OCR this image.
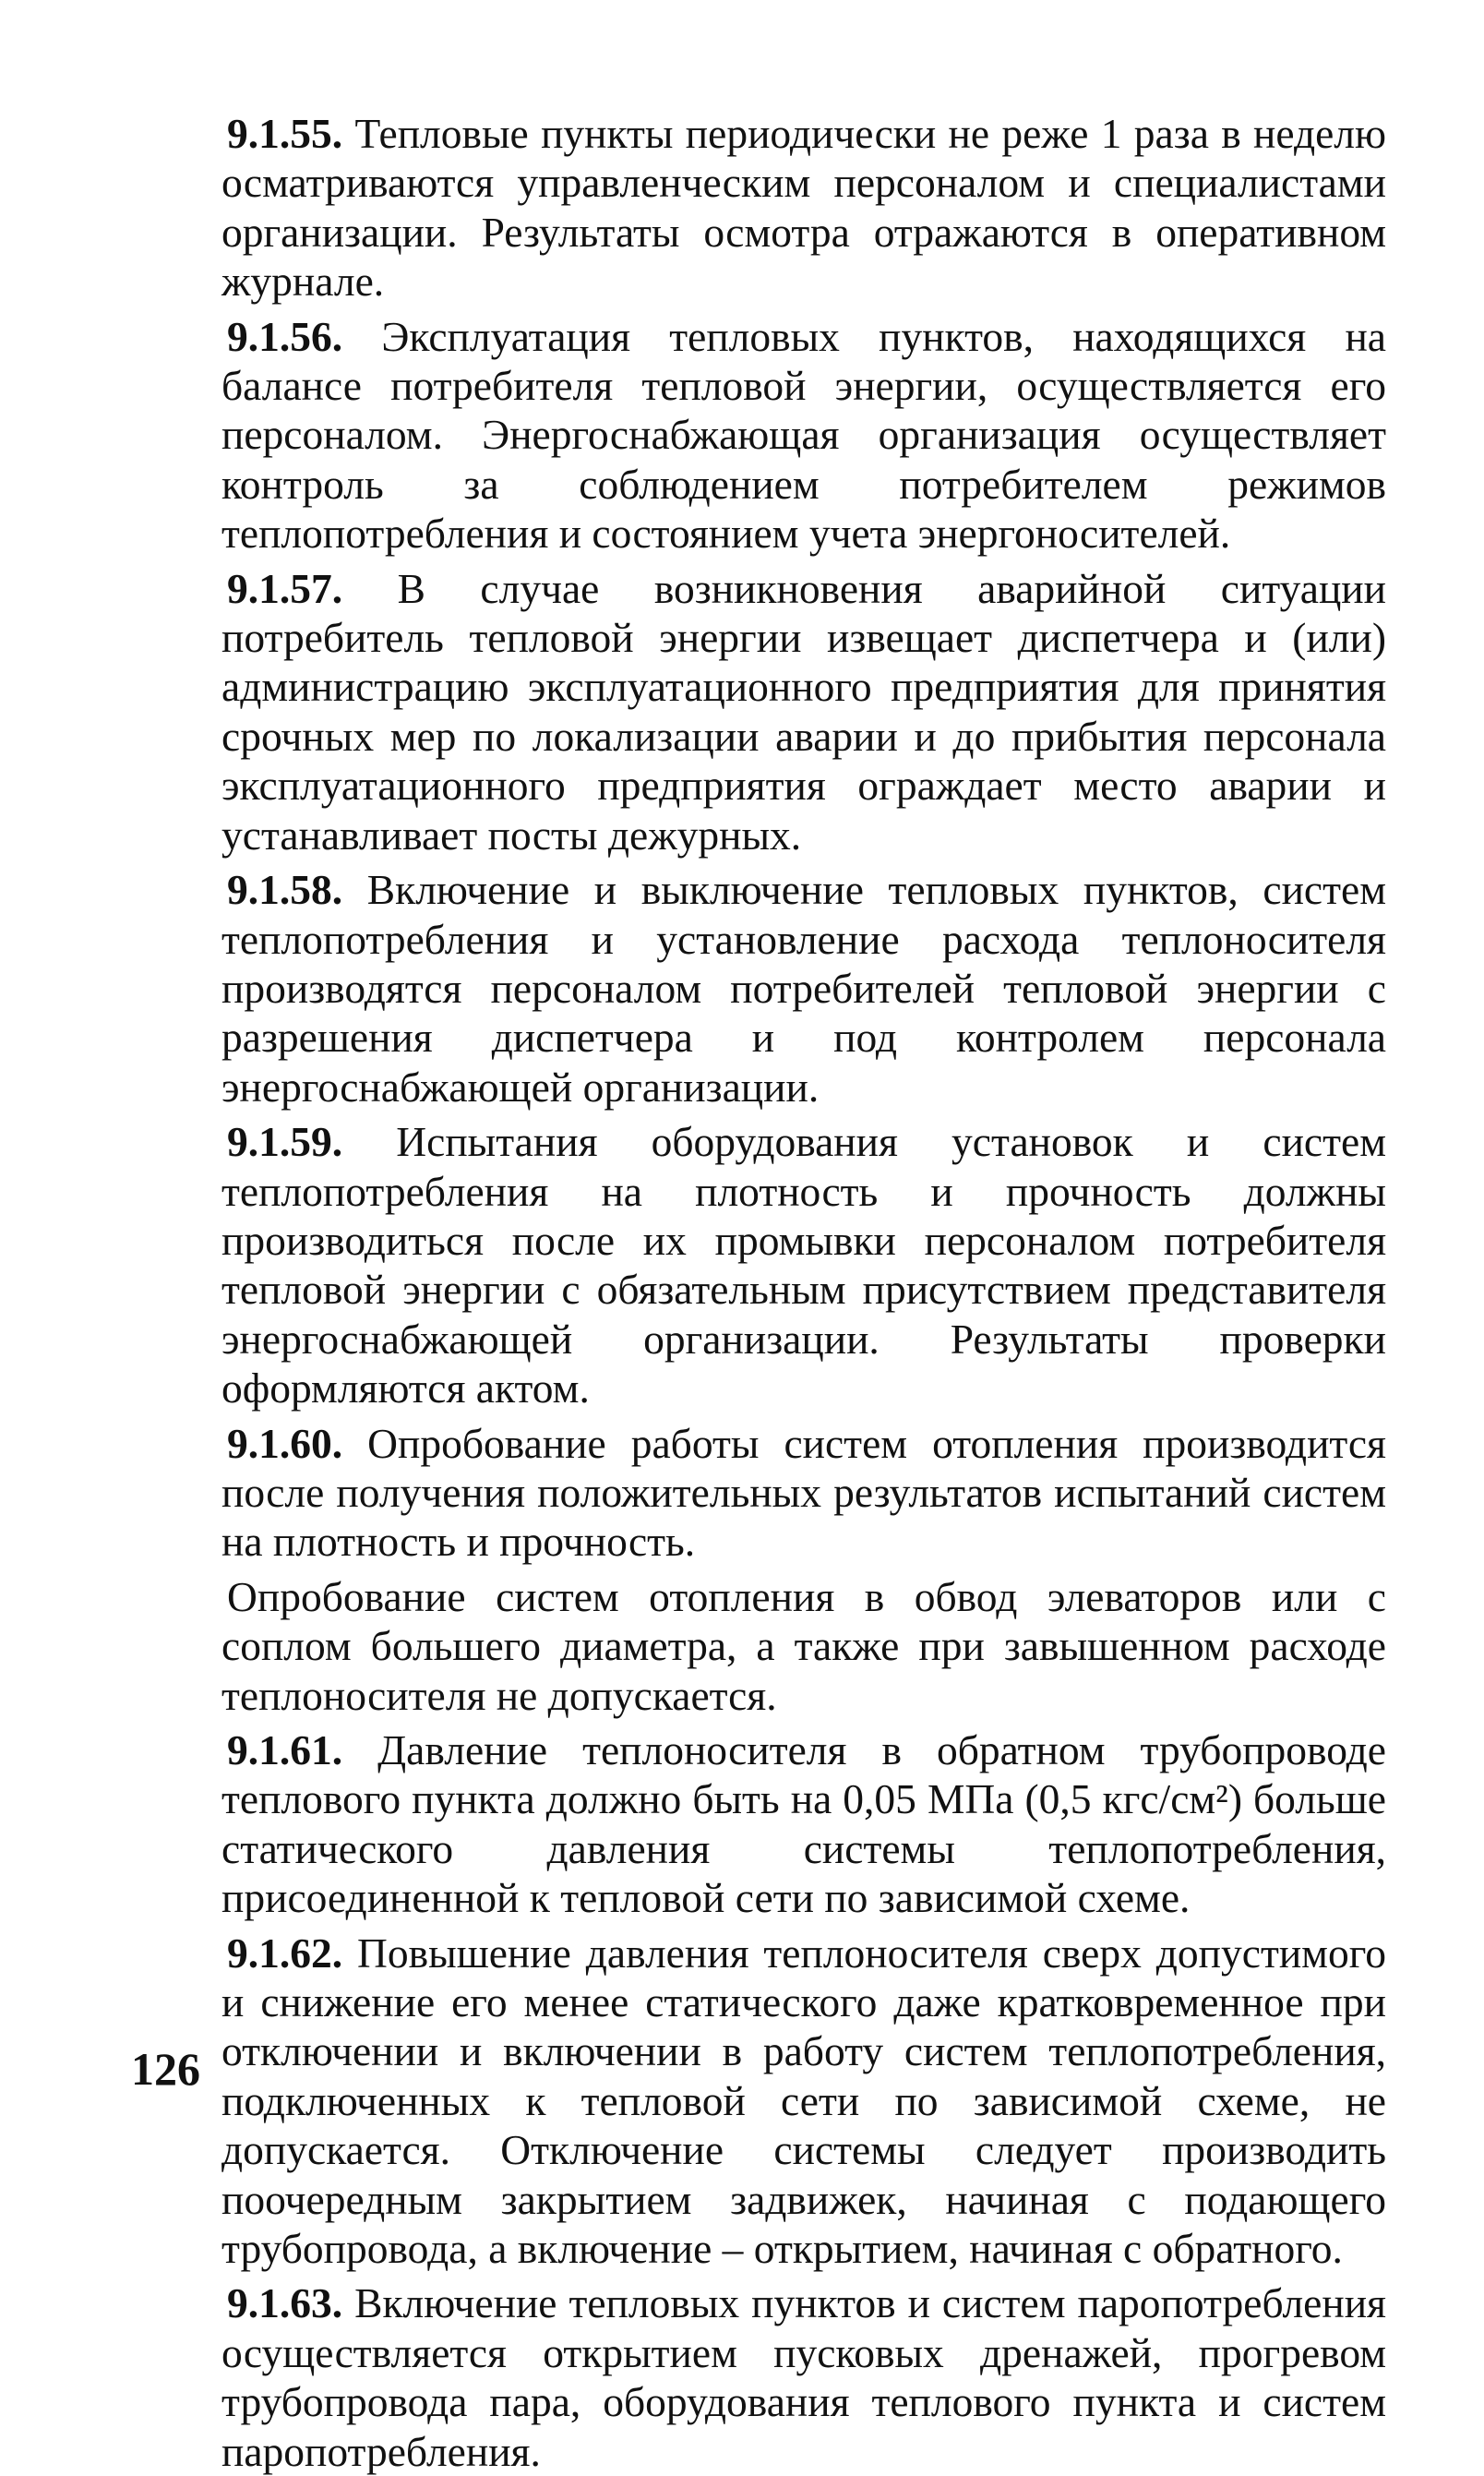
9.1.55. Тепловые пункты периодически не реже 1 раза в неделю осматриваются управленческим персоналом и специалистами организации. Результаты осмотра отражаются в оперативном журнале.

9.1.56. Эксплуатация тепловых пунктов, находящихся на балансе потребителя тепловой энергии, осуществляется его персоналом. Энергоснабжающая организация осуществляет контроль за соблюдением потребителем режимов теплопотребления и состоянием учета энергоносителей.

9.1.57. В случае возникновения аварийной ситуации потребитель тепловой энергии извещает диспетчера и (или) администрацию эксплуатационного предприятия для принятия срочных мер по локализации аварии и до прибытия персонала эксплуатационного предприятия ограждает место аварии и устанавливает посты дежурных.

9.1.58. Включение и выключение тепловых пунктов, систем теплопотребления и установление расхода теплоносителя производятся персоналом потребителей тепловой энергии с разрешения диспетчера и под контролем персонала энергоснабжающей организации.

9.1.59. Испытания оборудования установок и систем теплопотребления на плотность и прочность должны производиться после их промывки персоналом потребителя тепловой энергии с обязательным присутствием представителя энергоснабжающей организации. Результаты проверки оформляются актом.

9.1.60. Опробование работы систем отопления производится после получения положительных результатов испытаний систем на плотность и прочность.

Опробование систем отопления в обвод элеваторов или с соплом большего диаметра, а также при завышенном расходе теплоносителя не допускается.

9.1.61. Давление теплоносителя в обратном трубопроводе теплового пункта должно быть на 0,05 МПа (0,5 кгс/см²) больше статического давления системы теплопотребления, присоединенной к тепловой сети по зависимой схеме.

9.1.62. Повышение давления теплоносителя сверх допустимого и снижение его менее статического даже кратковременное при отключении и включении в работу систем теплопотребления, подключенных к тепловой сети по зависимой схеме, не допускается. Отключение системы следует производить поочередным закрытием задвижек, начиная с подающего трубопровода, а включение – открытием, начиная с обратного.

9.1.63. Включение тепловых пунктов и систем паропотребления осуществляется открытием пусковых дренажей, прогревом трубопровода пара, оборудования теплового пункта и систем паропотребления.

126
